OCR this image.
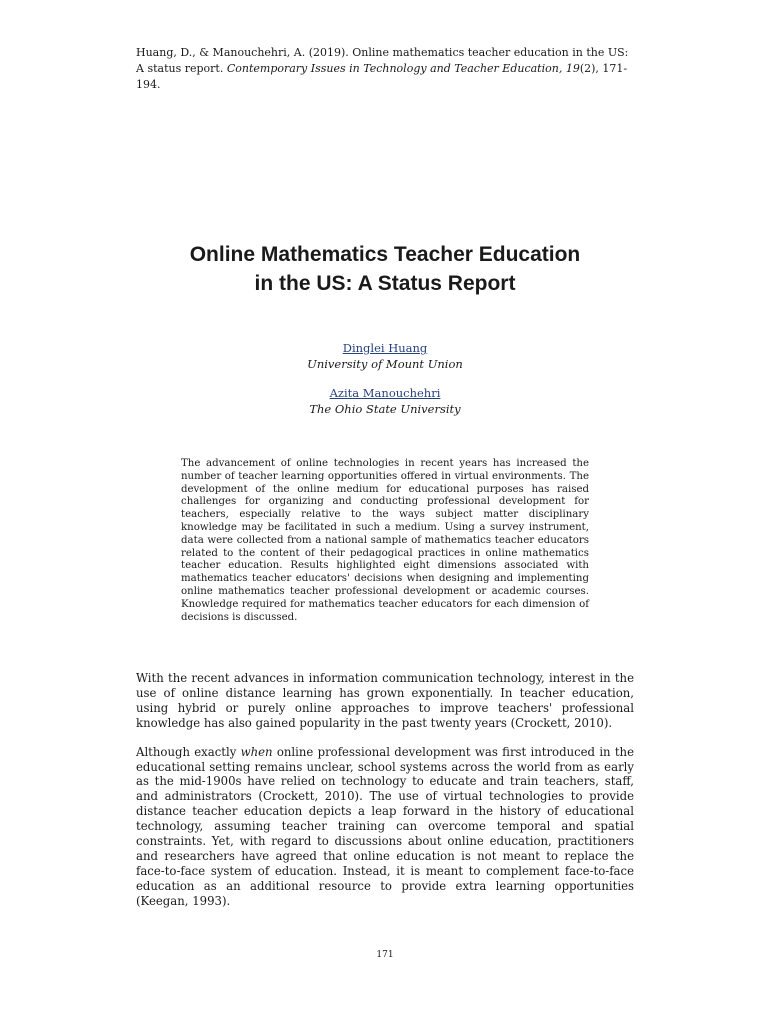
Huang, D., & Manouchehri, A. (2019). Online mathematics teacher education in the US: A status report. Contemporary Issues in Technology and Teacher Education, 19(2), 171-194.
Online Mathematics Teacher Education
in the US: A Status Report
Dinglei Huang
University of Mount Union
Azita Manouchehri
The Ohio State University

The advancement of online technologies in recent years has increased the number of teacher learning opportunities offered in virtual environments. The development of the online medium for educational purposes has raised challenges for organizing and conducting professional development for teachers, especially relative to the ways subject matter disciplinary knowledge may be facilitated in such a medium. Using a survey instrument, data were collected from a national sample of mathematics teacher educators related to the content of their pedagogical practices in online mathematics teacher education. Results highlighted eight dimensions associated with mathematics teacher educators' decisions when designing and implementing online mathematics teacher professional development or academic courses. Knowledge required for mathematics teacher educators for each dimension of decisions is discussed.

With the recent advances in information communication technology, interest in the use of online distance learning has grown exponentially. In teacher education, using hybrid or purely online approaches to improve teachers' professional knowledge has also gained popularity in the past twenty years (Crockett, 2010).

Although exactly when online professional development was first introduced in the educational setting remains unclear, school systems across the world from as early as the mid-1900s have relied on technology to educate and train teachers, staff, and administrators (Crockett, 2010). The use of virtual technologies to provide distance teacher education depicts a leap forward in the history of educational technology, assuming teacher training can overcome temporal and spatial constraints. Yet, with regard to discussions about online education, practitioners and researchers have agreed that online education is not meant to replace the face-to-face system of education. Instead, it is meant to complement face-to-face education as an additional resource to provide extra learning opportunities (Keegan, 1993).

171
